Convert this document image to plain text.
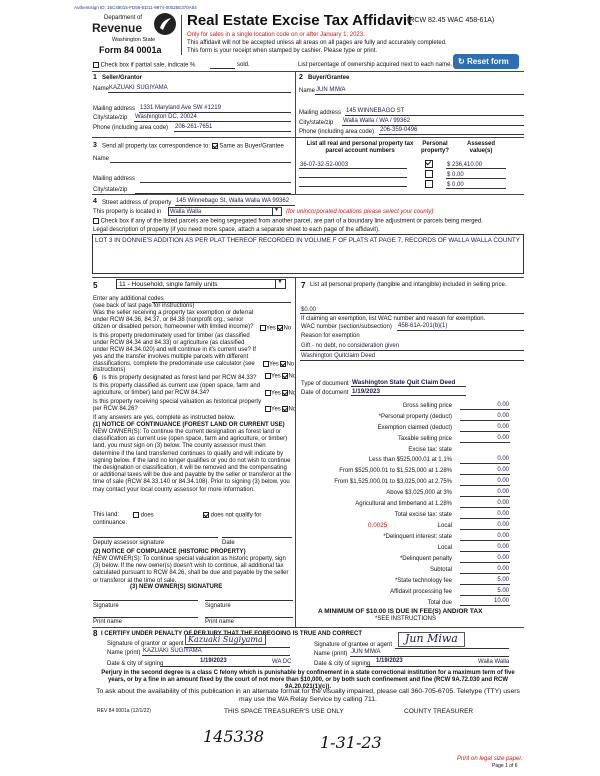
Authentisign ID: 16C48015-FD58-ED11-9974-00025E370A54
Department of
Revenue
Washington State
Form 84 0001a
Real Estate Excise Tax Affidavit
(RCW 82.45 WAC 458-61A)
Only for sales in a single location code on or after January 1, 2023.
This affidavit will not be accepted unless all areas on all pages are fully and accurately completed.
This form is your receipt when stamped by cashier. Please type or print.
↻ Reset form
Check box if partial sale, indicate %	sold.	List percentage of ownership acquired next to each name.
1 Seller/Grantor
Name KAZUAKI SUGIYAMA
Mailing address 1331 Maryland Ave SW #1219
City/state/zip Washington DC, 20024
Phone (including area code) 206-261-7651
2 Buyer/Grantee
Name JUN MIWA
Mailing address 145 WINNEBAGO ST
City/state/zip Walla Walla / WA / 99362
Phone (including area code) 206-359-0496
3 Send all property tax correspondence to: Same as Buyer/Grantee
Name
Mailing address
City/state/zip
List all real and personal property tax parcel account numbers
Personal property?
Assessed value(s)
36-07-32-52-0003	$ 236,410.00
$ 0.00
$ 0.00
4 Street address of property 145 Winnebago St, Walla Walla WA 99362
This property is located in Walla Walla	▼ (for unincorporated locations please select your county)
Check box if any of the listed parcels are being segregated from another parcel, are part of a boundary line adjustment or parcels being merged.
Legal description of property (if you need more space, attach a separate sheet to each page of the affidavit).
LOT 3 IN DONNIE'S ADDITION AS PER PLAT THEREOF RECORDED IN VOLUME F OF PLATS AT PAGE 7, RECORDS OF WALLA WALLA COUNTY
5	11 - Household, single family units	▼
Enter any additional codes
(see back of last page for instructions)
Was the seller receiving a property tax exemption or deferral under RCW 84.36, 84.37, or 84.38 (nonprofit org., senior citizen or disabled person, homeowner with limited income)?	Yes No
Is this property predominately used for timber (as classified under RCW 84.34 and 84.33) or agriculture (as classified under RCW 84.34.020) and will continue in it's current use? If yes and the transfer involves multiple parcels with different classifications, complete the predominate use calculator (see instructions)
Yes No
6 Is this property designated as forest land per RCW 84.33?	Yes No
Is this property classified as current use (open space, farm and agriculture, or timber) land per RCW 84.34?	Yes No
Is this property receiving special valuation as historical property per RCW 84.26?	Yes No
If any answers are yes, complete as instructed below.
(1) NOTICE OF CONTINUANCE (FOREST LAND OR CURRENT USE)
NEW OWNER(S): To continue the current designation as forest land or classification as current use (open space, farm and agriculture, or timber) land, you must sign on (3) below. The county assessor must then determine if the land transferred continues to qualify and will indicate by signing below. If the land no longer qualifies or you do not wish to continue the designation or classification, it will be removed and the compensating or additional taxes will be due and payable by the seller or transferor at the time of sale (RCW 84.33.140 or 84.34.108). Prior to signing (3) below, you may contact your local county assessor for more information.
This land:	does	does not qualify for
continuance.
Deputy assessor signature	Date
(2) NOTICE OF COMPLIANCE (HISTORIC PROPERTY)
NEW OWNER(S): To continue special valuation as historic property, sign (3) below. If the new owner(s) doesn't wish to continue, all additional tax calculated pursuant to RCW 84.26, shall be due and payable by the seller or transferor at the time of sale.
(3) NEW OWNER(S) SIGNATURE
Signature	Signature
Print name	Print name
7 List all personal property (tangible and intangible) included in selling price.
$0.00
If claiming an exemption, list WAC number and reason for exemption.
WAC number (section/subsection) 458-61A-201(b)(1)
Reason for exemption
Gift - no debt, no consideration given
Washington Quitclaim Deed
Type of document Washington State Quit Claim Deed
Date of document 1/19/2023
Gross selling price	0.00
*Personal property (deduct)	0.00
Exemption claimed (deduct)	0.00
Taxable selling price	0.00
Excise tax: state
Less than $525,000.01 at 1.1%	0.00
From $525,000.01 to $1,525,000 at 1.28%	0.00
From $1,525,000.01 to $3,025,000 at 2.75%	0.00
Above $3,025,000 at 3%	0.00
Agricultural and timberland at 1.28%	0.00
Total excise tax: state	0.00
0.0025	Local	0.00
*Delinquent interest: state	0.00
Local	0.00
*Delinquent penalty	0.00
Subtotal	0.00
*State technology fee	5.00
Affidavit processing fee	5.00
Total due	10.00
A MINIMUM OF $10.00 IS DUE IN FEE(S) AND/OR TAX
*SEE INSTRUCTIONS
8 I CERTIFY UNDER PENALTY OF PERJURY THAT THE FOREGOING IS TRUE AND CORRECT
Signature of grantor or agent Kazuaki Sugiyama
Name (print) KAZUAKI SUGIYAMA
Date & city of signing	1/19/2023	WA DC
Signature of grantee or agent	Jun Miwa
Name (print) JUN MIWA
Date & city of signing 1/19/2023	Walla Walla
Perjury in the second degree is a class C felony which is punishable by confinement in a state correctional institution for a maximum term of five years, or by a fine in an amount fixed by the court of not more than $10,000, or by both such confinement and fine (RCW 9A.72.030 and RCW 9A.20.021(1)(c)).
To ask about the availability of this publication in an alternate format for the visually impaired, please call 360-705-6705. Teletype (TTY) users may use the WA Relay Service by calling 711.
REV 84 0001a (12/1/22)	THIS SPACE TREASURER'S USE ONLY	COUNTY TREASURER
145338	1-31-23
Print on legal size paper.
Page 1 of 6
